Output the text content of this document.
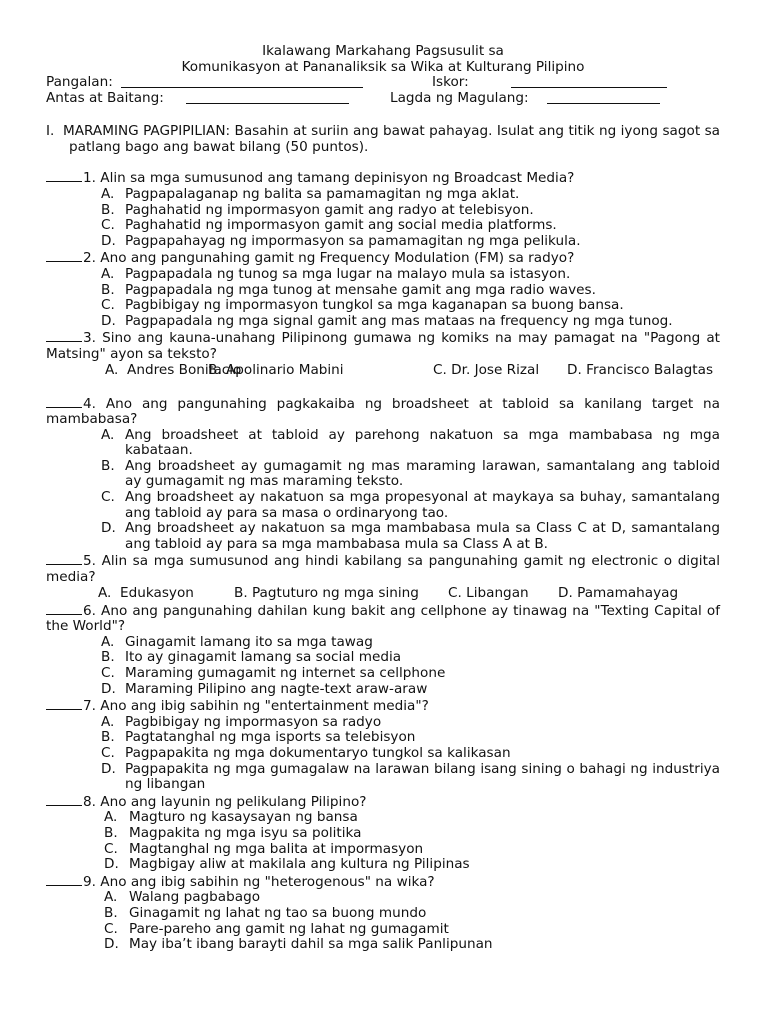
Ikalawang Markahang Pagsusulit sa
Komunikasyon at Pananaliksik sa Wika at Kulturang Pilipino
Pangalan:	Iskor:
Antas at Baitang:	Lagda ng Magulang:
I. MARAMING PAGPIPILIAN: Basahin at suriin ang bawat pahayag. Isulat ang titik ng iyong sagot sa patlang bago ang bawat bilang (50 puntos).
1. Alin sa mga sumusunod ang tamang depinisyon ng Broadcast Media?
A. Pagpapalaganap ng balita sa pamamagitan ng mga aklat.
B. Paghahatid ng impormasyon gamit ang radyo at telebisyon.
C. Paghahatid ng impormasyon gamit ang social media platforms.
D. Pagpapahayag ng impormasyon sa pamamagitan ng mga pelikula.
2. Ano ang pangunahing gamit ng Frequency Modulation (FM) sa radyo?
A. Pagpapadala ng tunog sa mga lugar na malayo mula sa istasyon.
B. Pagpapadala ng mga tunog at mensahe gamit ang mga radio waves.
C. Pagbibigay ng impormasyon tungkol sa mga kaganapan sa buong bansa.
D. Pagpapadala ng mga signal gamit ang mas mataas na frequency ng mga tunog.
3. Sino ang kauna-unahang Pilipinong gumawa ng komiks na may pamagat na "Pagong at Matsing" ayon sa teksto?
A.  Andres Bonifacio
B. Apolinario Mabini	C. Dr. Jose Rizal D. Francisco Balagtas
4. Ano ang pangunahing pagkakaiba ng broadsheet at tabloid sa kanilang target na mambabasa?
A. Ang broadsheet at tabloid ay parehong nakatuon sa mga mambabasa ng mga kabataan.
B. Ang broadsheet ay gumagamit ng mas maraming larawan, samantalang ang tabloid ay gumagamit ng mas maraming teksto.
C. Ang broadsheet ay nakatuon sa mga propesyonal at maykaya sa buhay, samantalang ang tabloid ay para sa masa o ordinaryong tao.
D. Ang broadsheet ay nakatuon sa mga mambabasa mula sa Class C at D, samantalang ang tabloid ay para sa mga mambabasa mula sa Class A at B.
5. Alin sa mga sumusunod ang hindi kabilang sa pangunahing gamit ng electronic o digital media?
A.  Edukasyon	B. Pagtuturo ng mga sining C. Libangan D. Pamamahayag
6. Ano ang pangunahing dahilan kung bakit ang cellphone ay tinawag na "Texting Capital of the World"?
A. Ginagamit lamang ito sa mga tawag
B. Ito ay ginagamit lamang sa social media
C. Maraming gumagamit ng internet sa cellphone
D. Maraming Pilipino ang nagte-text araw-araw
7. Ano ang ibig sabihin ng "entertainment media"?
A. Pagbibigay ng impormasyon sa radyo
B. Pagtatanghal ng mga isports sa telebisyon
C. Pagpapakita ng mga dokumentaryo tungkol sa kalikasan
D. Pagpapakita ng mga gumagalaw na larawan bilang isang sining o bahagi ng industriya ng libangan
8. Ano ang layunin ng pelikulang Pilipino?
A. Magturo ng kasaysayan ng bansa
B. Magpakita ng mga isyu sa politika
C. Magtanghal ng mga balita at impormasyon
D. Magbigay aliw at makilala ang kultura ng Pilipinas
9. Ano ang ibig sabihin ng "heterogenous" na wika?
A. Walang pagbabago
B. Ginagamit ng lahat ng tao sa buong mundo
C. Pare-pareho ang gamit ng lahat ng gumagamit
D. May iba’t ibang barayti dahil sa mga salik Panlipunan
